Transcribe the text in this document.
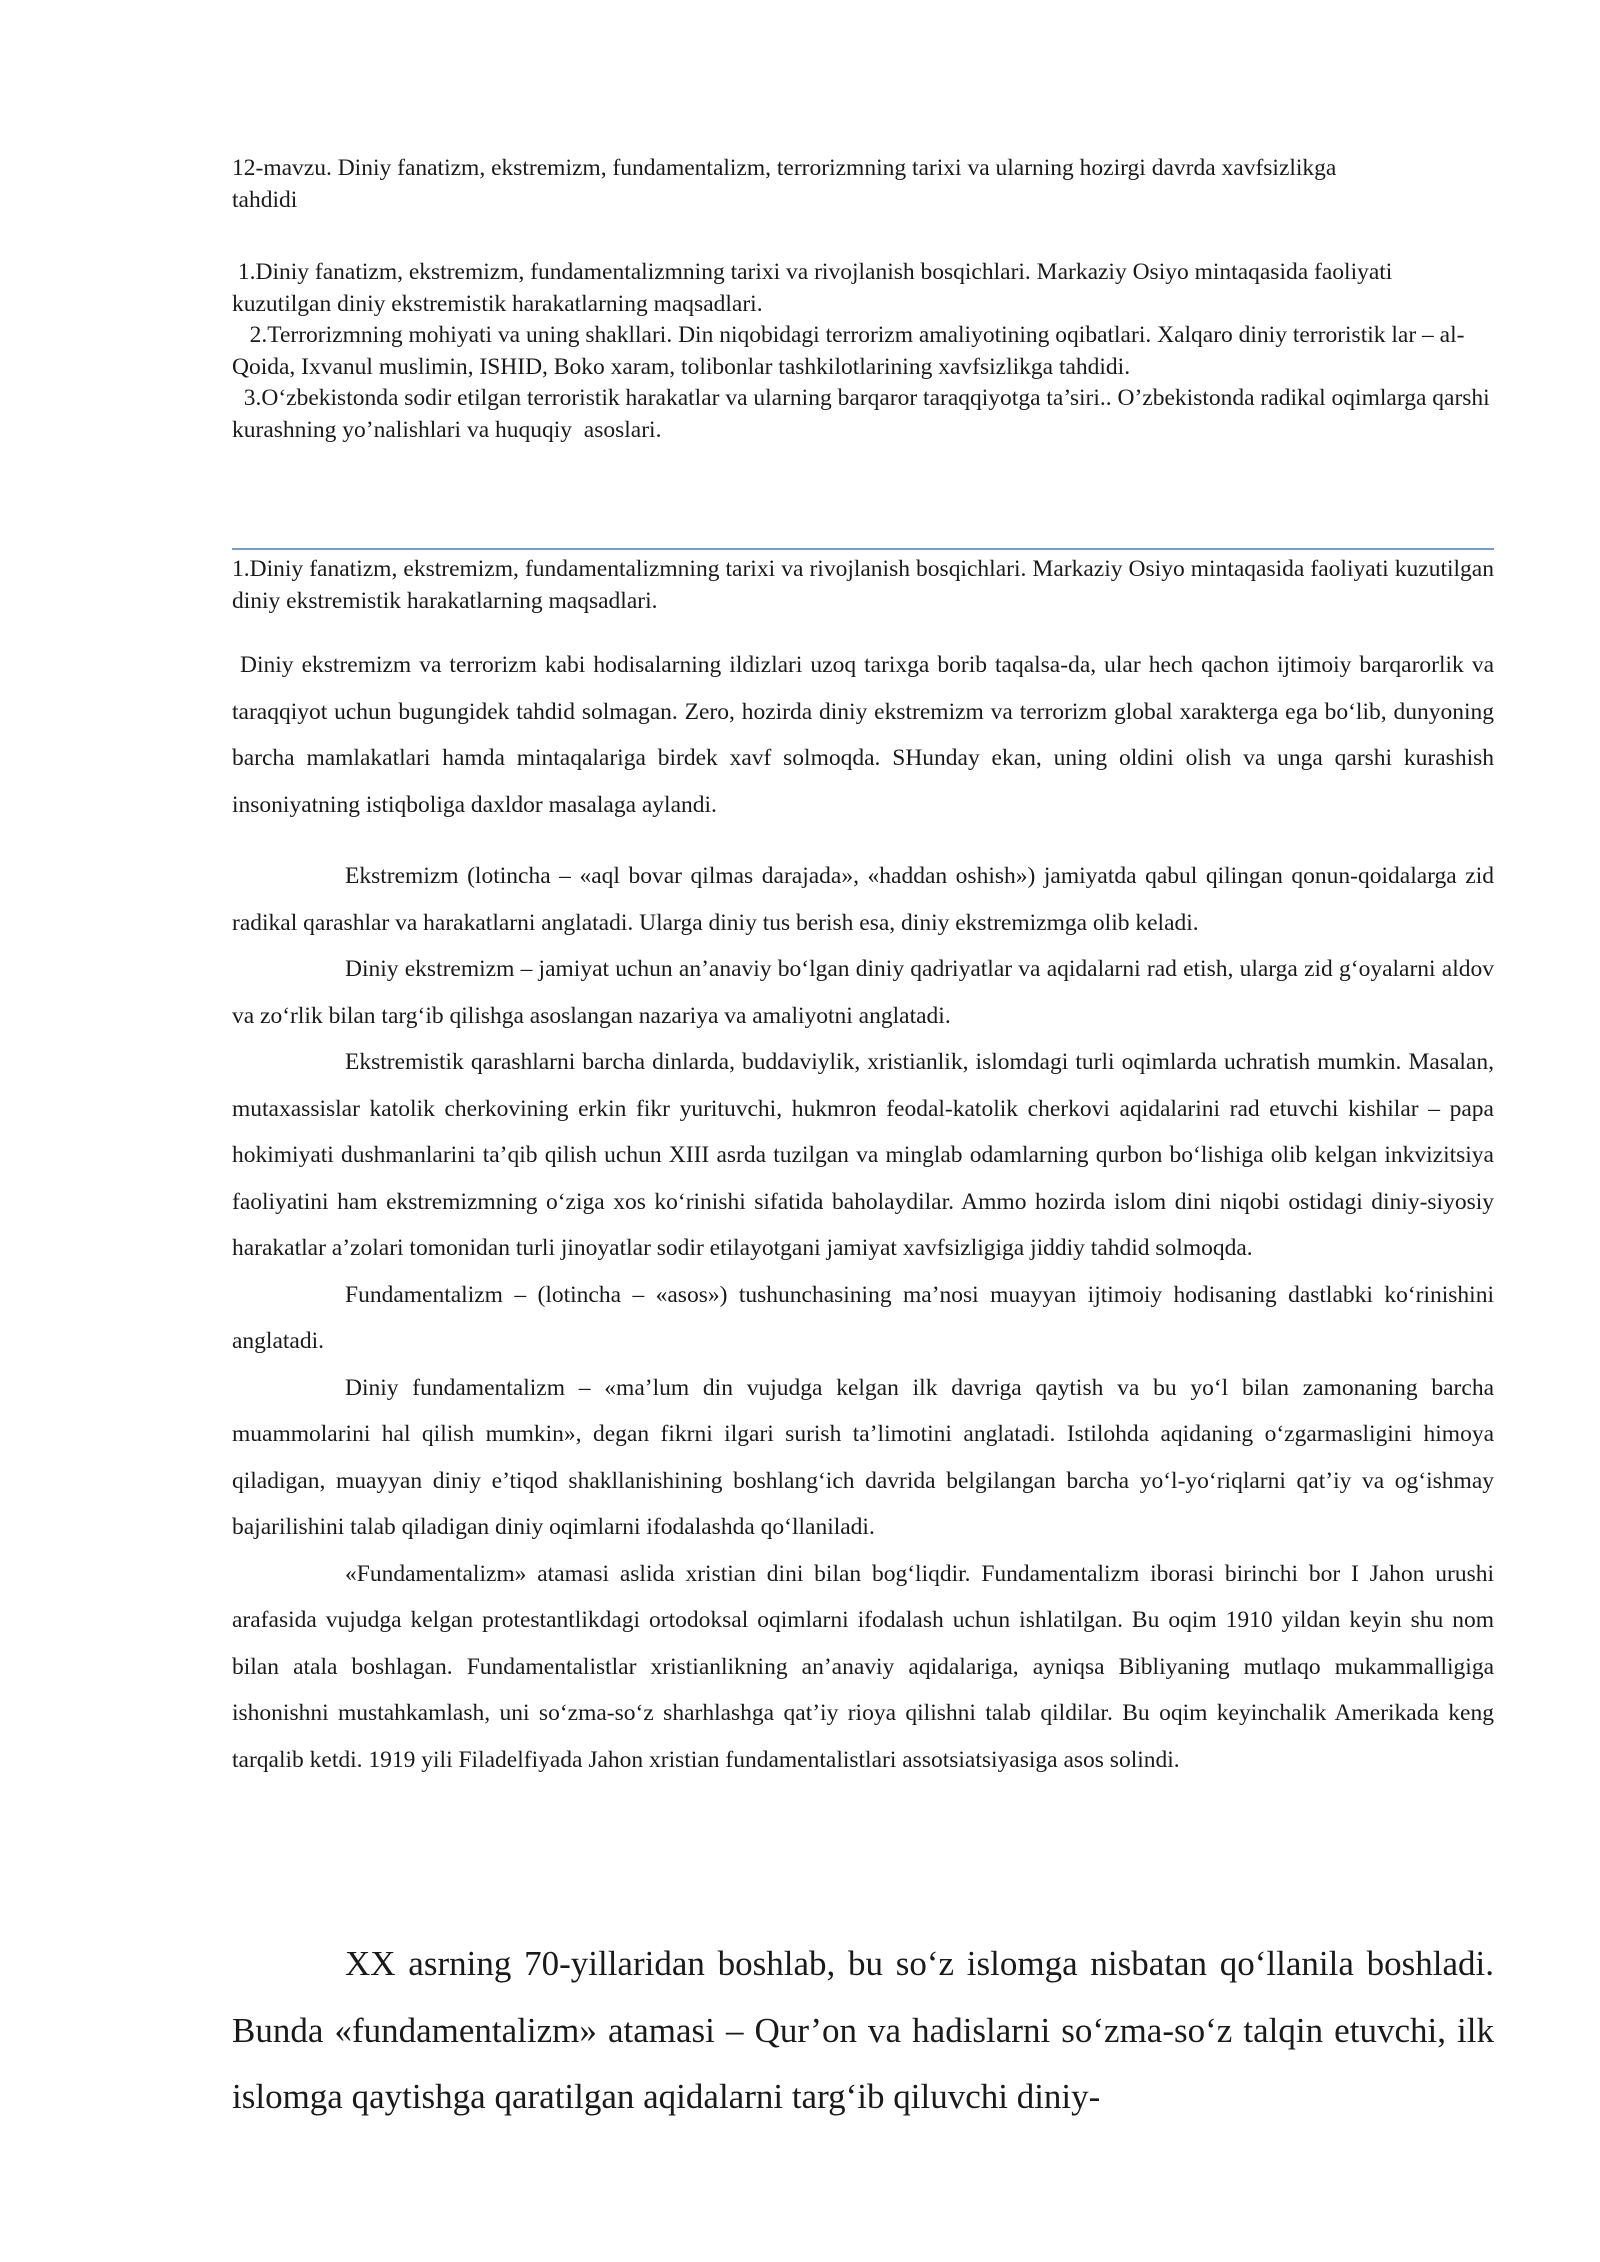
12-mavzu. Diniy fanatizm, ekstremizm, fundamentalizm, terrorizmning tarixi va ularning hozirgi davrda xavfsizlikga tahdidi

1.Diniy fanatizm, ekstremizm, fundamentalizmning tarixi va rivojlanish bosqichlari. Markaziy Osiyo mintaqasida faoliyati kuzutilgan diniy ekstremistik harakatlarning maqsadlari.

2.Terrorizmning mohiyati va uning shakllari. Din niqobidagi terrorizm amaliyotining oqibatlari. Xalqaro diniy terroristik lar – al-Qoida, Ixvanul muslimin, ISHID, Boko xaram, tolibonlar tashkilotlarining xavfsizlikga tahdidi.

3.O‘zbekistonda sodir etilgan terroristik harakatlar va ularning barqaror taraqqiyotga ta’siri.. O’zbekistonda radikal oqimlarga qarshi kurashning yo’nalishlari va huquqiy  asoslari.

1.Diniy fanatizm, ekstremizm, fundamentalizmning tarixi va rivojlanish bosqichlari. Markaziy Osiyo mintaqasida faoliyati kuzutilgan diniy ekstremistik harakatlarning maqsadlari.

Diniy ekstremizm va terrorizm kabi hodisalarning ildizlari uzoq tarixga borib taqalsa-da, ular hech qachon ijtimoiy barqarorlik va taraqqiyot uchun bugungidek tahdid solmagan. Zero, hozirda diniy ekstremizm va terrorizm global xarakterga ega bo‘lib, dunyoning barcha mamlakatlari hamda mintaqalariga birdek xavf solmoqda. SHunday ekan, uning oldini olish va unga qarshi kurashish insoniyatning istiqboliga daxldor masalaga aylandi.

Ekstremizm (lotincha – «aql bovar qilmas darajada», «haddan oshish») jamiyatda qabul qilingan qonun-qoidalarga zid radikal qarashlar va harakatlarni anglatadi. Ularga diniy tus berish esa, diniy ekstremizmga olib keladi.

Diniy ekstremizm – jamiyat uchun an’anaviy bo‘lgan diniy qadriyatlar va aqidalarni rad etish, ularga zid g‘oyalarni aldov va zo‘rlik bilan targ‘ib qilishga asoslangan nazariya va amaliyotni anglatadi.

Ekstremistik qarashlarni barcha dinlarda, buddaviylik, xristianlik, islomdagi turli oqimlarda uchratish mumkin. Masalan, mutaxassislar katolik cherkovining erkin fikr yurituvchi, hukmron feodal-katolik cherkovi aqidalarini rad etuvchi kishilar – papa hokimiyati dushmanlarini ta’qib qilish uchun XIII asrda tuzilgan va minglab odamlarning qurbon bo‘lishiga olib kelgan inkvizitsiya faoliyatini ham ekstremizmning o‘ziga xos ko‘rinishi sifatida baholaydilar. Ammo hozirda islom dini niqobi ostidagi diniy-siyosiy harakatlar a’zolari tomonidan turli jinoyatlar sodir etilayotgani jamiyat xavfsizligiga jiddiy tahdid solmoqda.

Fundamentalizm – (lotincha – «asos») tushunchasining ma’nosi muayyan ijtimoiy hodisaning dastlabki ko‘rinishini anglatadi.

Diniy fundamentalizm – «ma’lum din vujudga kelgan ilk davriga qaytish va bu yo‘l bilan zamonaning barcha muammolarini hal qilish mumkin», degan fikrni ilgari surish ta’limotini anglatadi. Istilohda aqidaning o‘zgarmasligini himoya qiladigan, muayyan diniy e’tiqod shakllanishining boshlang‘ich davrida belgilangan barcha yo‘l-yo‘riqlarni qat’iy va og‘ishmay bajarilishini talab qiladigan diniy oqimlarni ifodalashda qo‘llaniladi.

«Fundamentalizm» atamasi aslida xristian dini bilan bog‘liqdir. Fundamentalizm iborasi birinchi bor I Jahon urushi arafasida vujudga kelgan protestantlikdagi ortodoksal oqimlarni ifodalash uchun ishlatilgan. Bu oqim 1910 yildan keyin shu nom bilan atala boshlagan. Fundamentalistlar xristianlikning an’anaviy aqidalariga, ayniqsa Bibliyaning mutlaqo mukammalligiga ishonishni mustahkamlash, uni so‘zma-so‘z sharhlashga qat’iy rioya qilishni talab qildilar. Bu oqim keyinchalik Amerikada keng tarqalib ketdi. 1919 yili Filadelfiyada Jahon xristian fundamentalistlari assotsiatsiyasiga asos solindi.

XX asrning 70-yillaridan boshlab, bu so‘z islomga nisbatan qo‘llanila boshladi. Bunda «fundamentalizm» atamasi – Qur’on va hadislarni so‘zma-so‘z talqin etuvchi, ilk islomga qaytishga qaratilgan aqidalarni targ‘ib qiluvchi diniy-
